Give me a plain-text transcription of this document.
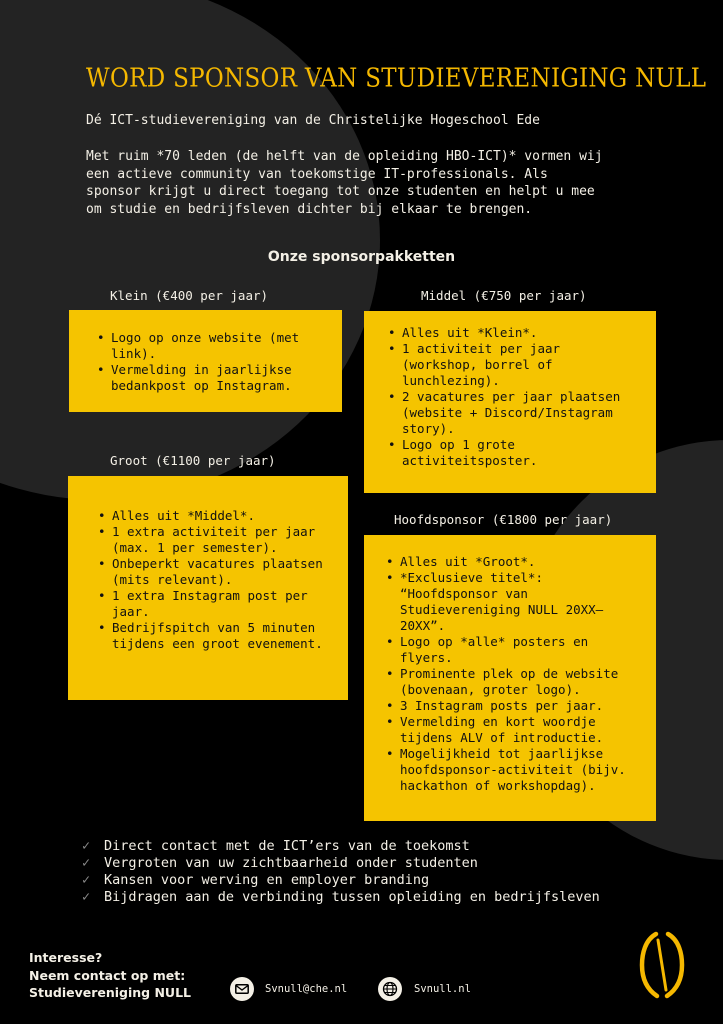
WORD SPONSOR VAN STUDIEVERENIGING NULL
Dé ICT-studievereniging van de Christelijke Hogeschool Ede
Met ruim *70 leden (de helft van de opleiding HBO-ICT)* vormen wij
een actieve community van toekomstige IT-professionals. Als
sponsor krijgt u direct toegang tot onze studenten en helpt u mee
om studie en bedrijfsleven dichter bij elkaar te brengen.
Onze sponsorpakketten
Klein (€400 per jaar)
• Logo op onze website (met link).
• Vermelding in jaarlijkse bedankpost op Instagram.
Middel (€750 per jaar)
• Alles uit *Klein*.
• 1 activiteit per jaar (workshop, borrel of lunchlezing).
• 2 vacatures per jaar plaatsen (website + Discord/Instagram story).
• Logo op 1 grote activiteitsposter.
Groot (€1100 per jaar)
• Alles uit *Middel*.
• 1 extra activiteit per jaar (max. 1 per semester).
• Onbeperkt vacatures plaatsen (mits relevant).
• 1 extra Instagram post per jaar.
• Bedrijfspitch van 5 minuten tijdens een groot evenement.
Hoofdsponsor (€1800 per jaar)
• Alles uit *Groot*.
• *Exclusieve titel*: “Hoofdsponsor van Studievereniging NULL 20XX–20XX”.
• Logo op *alle* posters en flyers.
• Prominente plek op de website (bovenaan, groter logo).
• 3 Instagram posts per jaar.
• Vermelding en kort woordje tijdens ALV of introductie.
• Mogelijkheid tot jaarlijkse hoofdsponsor-activiteit (bijv. hackathon of workshopdag).
✓ Direct contact met de ICT’ers van de toekomst
✓ Vergroten van uw zichtbaarheid onder studenten
✓ Kansen voor werving en employer branding
✓ Bijdragen aan de verbinding tussen opleiding en bedrijfsleven
Interesse?
Neem contact op met:
Studievereniging NULL	Svnull@che.nl	Svnull.nl
